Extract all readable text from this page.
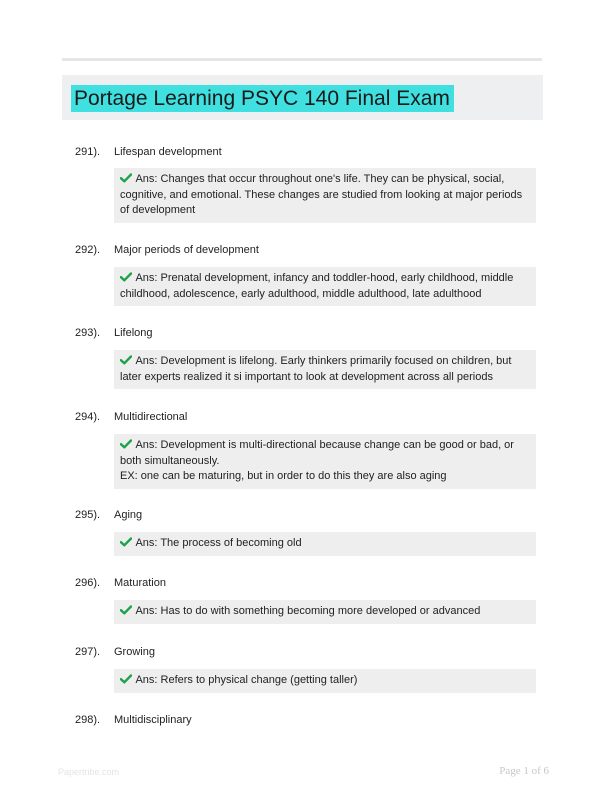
Portage Learning PSYC 140 Final Exam
291). Lifespan development
Ans: Changes that occur throughout one's life. They can be physical, social, cognitive, and emotional. These changes are studied from looking at major periods of development
292). Major periods of development
Ans: Prenatal development, infancy and toddler-hood, early childhood, middle childhood, adolescence, early adulthood, middle adulthood, late adulthood
293). Lifelong
Ans: Development is lifelong. Early thinkers primarily focused on children, but later experts realized it si important to look at development across all periods
294). Multidirectional
Ans: Development is multi-directional because change can be good or bad, or both simultaneously.
EX: one can be maturing, but in order to do this they are also aging
295). Aging
Ans: The process of becoming old
296). Maturation
Ans: Has to do with something becoming more developed or advanced
297). Growing
Ans: Refers to physical change (getting taller)
298). Multidisciplinary
Papertribe.com	Page 1 of 6
